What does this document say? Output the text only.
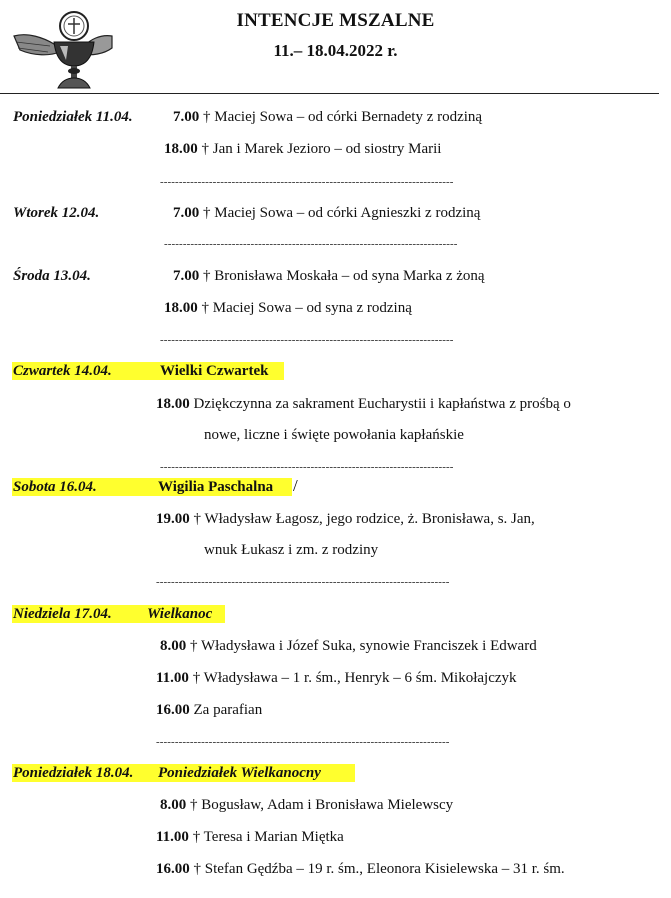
INTENCJE MSZALNE
11.– 18.04.2022 r.
Poniedziałek 11.04.	7.00 † Maciej Sowa – od córki Bernadety z rodziną
18.00 † Jan i Marek Jezioro – od siostry Marii
------------------------------------------------------------------------------
Wtorek 12.04.	7.00 † Maciej Sowa – od córki Agnieszki z rodziną
------------------------------------------------------------------------------
Środa 13.04.	7.00 † Bronisława Moskała – od syna Marka z żoną
18.00 † Maciej Sowa – od syna z rodziną
------------------------------------------------------------------------------
Czwartek 14.04.	Wielki Czwartek
18.00 Dziękczynna za sakrament Eucharystii i kapłaństwa z prośbą o
nowe, liczne i święte powołania kapłańskie
------------------------------------------------------------------------------
Sobota 16.04.	Wigilia Paschalna /
19.00 † Władysław Łagosz, jego rodzice, ż. Bronisława, s. Jan,
wnuk Łukasz i zm. z rodziny
------------------------------------------------------------------------------
Niedziela 17.04. Wielkanoc
8.00 † Władysława i Józef Suka, synowie Franciszek i Edward
11.00 † Władysława – 1 r. śm., Henryk – 6 śm. Mikołajczyk
16.00 Za parafian
------------------------------------------------------------------------------
Poniedziałek 18.04. Poniedziałek Wielkanocny
8.00 † Bogusław, Adam i Bronisława Mielewscy
11.00 † Teresa i Marian Miętka
16.00 † Stefan Gędźba – 19 r. śm., Eleonora Kisielewska – 31 r. śm.
